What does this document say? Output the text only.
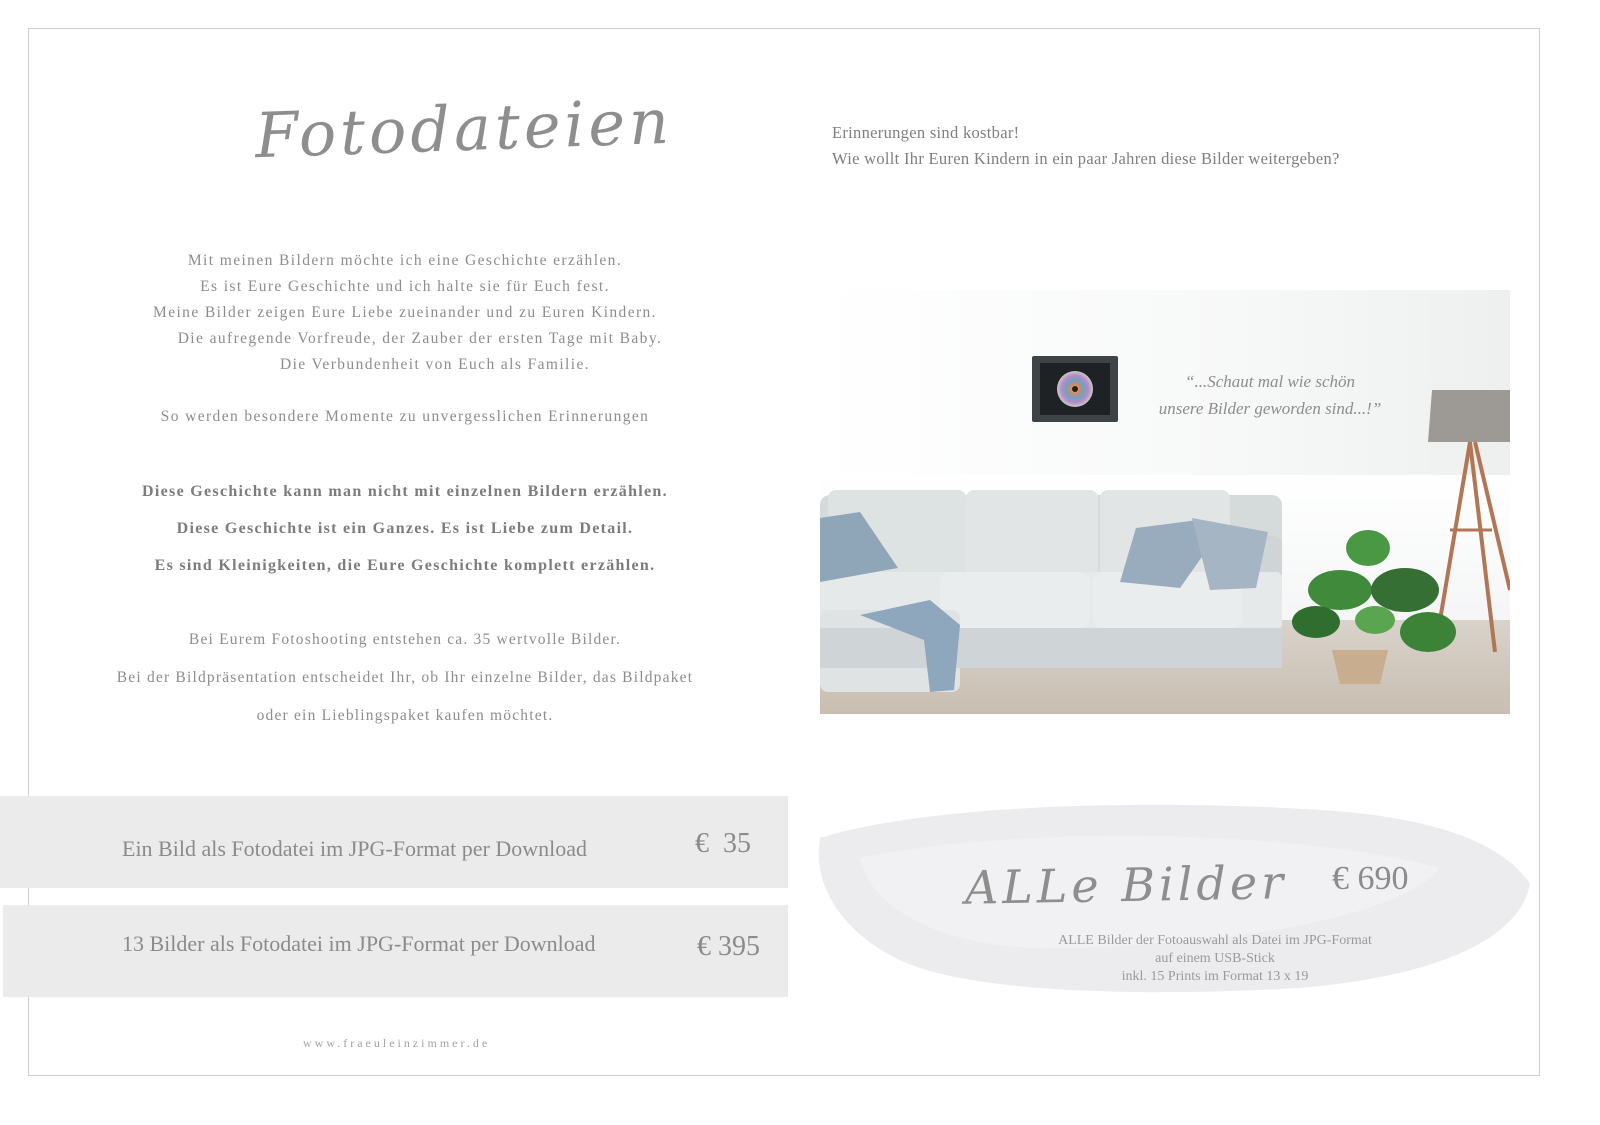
Fotodateien

Mit meinen Bildern möchte ich eine Geschichte erzählen.

Es ist Eure Geschichte und ich halte sie für Euch fest.

Meine Bilder zeigen Eure Liebe zueinander und zu Euren Kindern.

Die aufregende Vorfreude, der Zauber der ersten Tage mit Baby.

Die Verbundenheit von Euch als Familie.

So werden besondere Momente zu unvergesslichen Erinnerungen

Diese Geschichte kann man nicht mit einzelnen Bildern erzählen.

Diese Geschichte ist ein Ganzes. Es ist Liebe zum Detail.

Es sind Kleinigkeiten, die Eure Geschichte komplett erzählen.

Bei Eurem Fotoshooting entstehen ca. 35 wertvolle Bilder.

Bei der Bildpräsentation entscheidet Ihr, ob Ihr einzelne Bilder, das Bildpaket

oder ein Lieblingspaket kaufen möchtet.

Ein Bild als Fotodatei im JPG-Format per Download	€  35
13 Bilder als Fotodatei im JPG-Format per Download	€ 395
www.fraeuleinzimmer.de

Erinnerungen sind kostbar!

Wie wollt Ihr Euren Kindern in ein paar Jahren diese Bilder weitergeben?

“...Schaut mal wie schön

unsere Bilder geworden sind...!”

ALLe Bilder € 690

ALLE Bilder der Fotoauswahl als Datei im JPG-Format

auf einem USB-Stick

inkl. 15 Prints im Format 13 x 19
